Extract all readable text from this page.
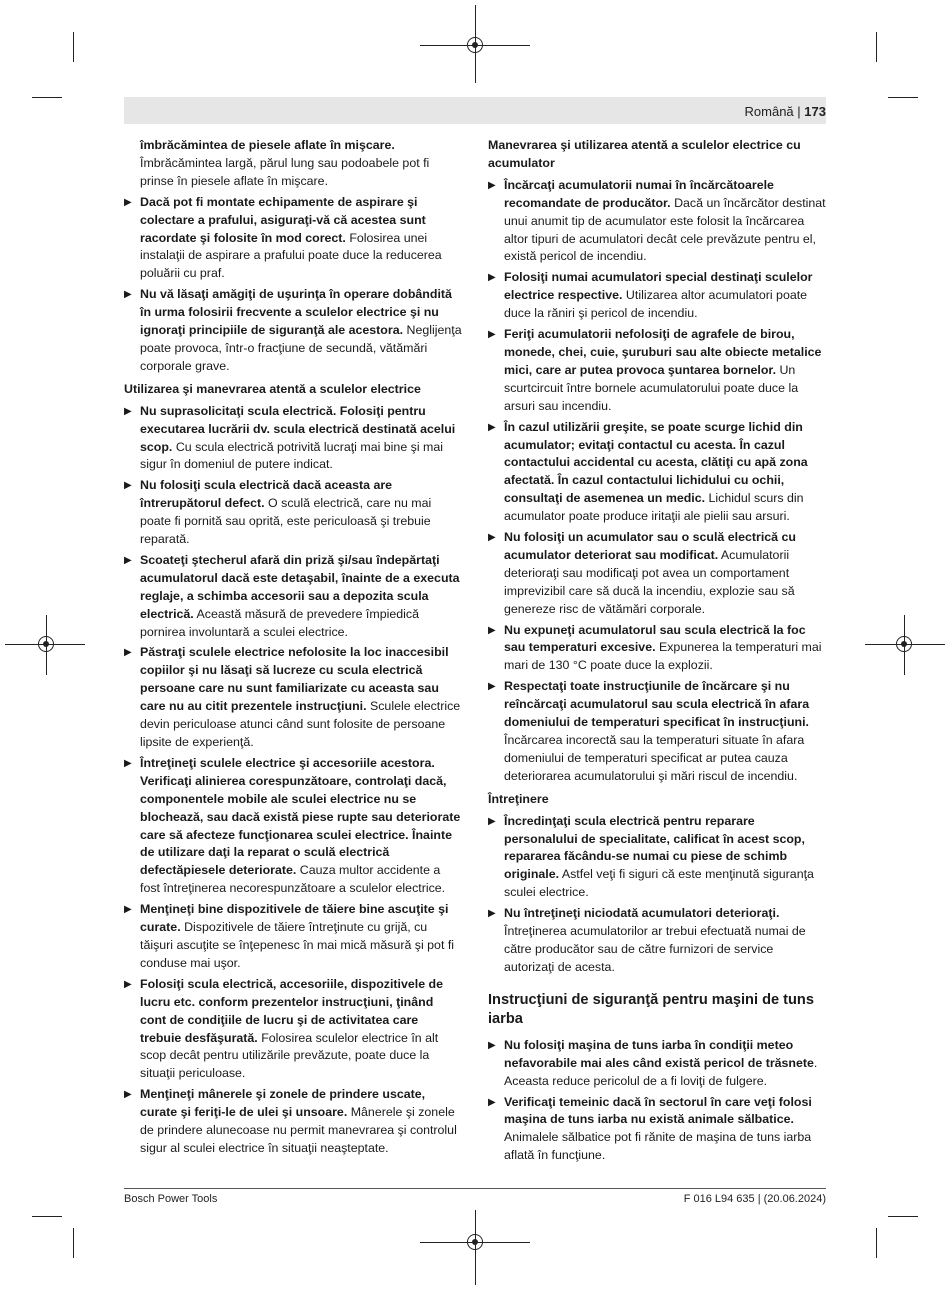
Română | 173

îmbrăcămintea de piesele aflate în mişcare. Îmbrăcămintea largă, părul lung sau podoabele pot fi prinse în piesele aflate în mişcare.

▶ Dacă pot fi montate echipamente de aspirare şi colectare a prafului, asiguraţi-vă că acestea sunt racordate şi folosite în mod corect. Folosirea unei instalaţii de aspirare a prafului poate duce la reducerea poluării cu praf.

▶ Nu vă lăsaţi amăgiţi de uşurinţa în operare dobândită în urma folosirii frecvente a sculelor electrice şi nu ignoraţi principiile de siguranţă ale acestora. Neglijenţa poate provoca, într-o fracţiune de secundă, vătămări corporale grave.

Utilizarea şi manevrarea atentă a sculelor electrice

▶ Nu suprasolicitaţi scula electrică. Folosiţi pentru executarea lucrării dv. scula electrică destinată acelui scop. Cu scula electrică potrivită lucraţi mai bine şi mai sigur în domeniul de putere indicat.

▶ Nu folosiţi scula electrică dacă aceasta are întrerupătorul defect. O sculă electrică, care nu mai poate fi pornită sau oprită, este periculoasă şi trebuie reparată.

▶ Scoateţi ştecherul afară din priză şi/sau îndepărtaţi acumulatorul dacă este detaşabil, înainte de a executa reglaje, a schimba accesorii sau a depozita scula electrică. Această măsură de prevedere împiedică pornirea involuntară a sculei electrice.

▶ Păstraţi sculele electrice nefolosite la loc inaccesibil copiilor şi nu lăsaţi să lucreze cu scula electrică persoane care nu sunt familiarizate cu aceasta sau care nu au citit prezentele instrucţiuni. Sculele electrice devin periculoase atunci când sunt folosite de persoane lipsite de experienţă.

▶ Întreţineţi sculele electrice şi accesoriile acestora. Verificaţi alinierea corespunzătoare, controlaţi dacă, componentele mobile ale sculei electrice nu se blochează, sau dacă există piese rupte sau deteriorate care să afecteze funcţionarea sculei electrice. Înainte de utilizare daţi la reparat o sculă electrică defectăpiesele deteriorate. Cauza multor accidente a fost întreţinerea necorespunzătoare a sculelor electrice.

▶ Menţineţi bine dispozitivele de tăiere bine ascuţite şi curate. Dispozitivele de tăiere întreţinute cu grijă, cu tăişuri ascuţite se înţepenesc în mai mică măsură şi pot fi conduse mai uşor.

▶ Folosiţi scula electrică, accesoriile, dispozitivele de lucru etc. conform prezentelor instrucţiuni, ţinând cont de condiţiile de lucru şi de activitatea care trebuie desfăşurată. Folosirea sculelor electrice în alt scop decât pentru utilizările prevăzute, poate duce la situaţii periculoase.

▶ Menţineţi mânerele şi zonele de prindere uscate, curate şi feriţi-le de ulei şi unsoare. Mânerele şi zonele de prindere alunecoase nu permit manevrarea şi controlul sigur al sculei electrice în situaţii neaşteptate.

Manevrarea şi utilizarea atentă a sculelor electrice cu acumulator

▶ Încărcaţi acumulatorii numai în încărcătoarele recomandate de producător. Dacă un încărcător destinat unui anumit tip de acumulator este folosit la încărcarea altor tipuri de acumulatori decât cele prevăzute pentru el, există pericol de incendiu.

▶ Folosiţi numai acumulatori special destinaţi sculelor electrice respective. Utilizarea altor acumulatori poate duce la răniri şi pericol de incendiu.

▶ Feriţi acumulatorii nefolosiţi de agrafele de birou, monede, chei, cuie, şuruburi sau alte obiecte metalice mici, care ar putea provoca şuntarea bornelor. Un scurtcircuit între bornele acumulatorului poate duce la arsuri sau incendiu.

▶ În cazul utilizării greşite, se poate scurge lichid din acumulator; evitaţi contactul cu acesta. În cazul contactului accidental cu acesta, clătiţi cu apă zona afectată. În cazul contactului lichidului cu ochii, consultaţi de asemenea un medic. Lichidul scurs din acumulator poate produce iritaţii ale pielii sau arsuri.

▶ Nu folosiţi un acumulator sau o sculă electrică cu acumulator deteriorat sau modificat. Acumulatorii deterioraţi sau modificaţi pot avea un comportament imprevizibil care să ducă la incendiu, explozie sau să genereze risc de vătămări corporale.

▶ Nu expuneţi acumulatorul sau scula electrică la foc sau temperaturi excesive. Expunerea la temperaturi mai mari de 130 °C poate duce la explozii.

▶ Respectaţi toate instrucţiunile de încărcare şi nu reîncărcaţi acumulatorul sau scula electrică în afara domeniului de temperaturi specificat în instrucţiuni. Încărcarea incorectă sau la temperaturi situate în afara domeniului de temperaturi specificat ar putea cauza deteriorarea acumulatorului şi mări riscul de incendiu.

Întreţinere

▶ Încredinţaţi scula electrică pentru reparare personalului de specialitate, calificat în acest scop, repararea făcându-se numai cu piese de schimb originale. Astfel veţi fi siguri că este menţinută siguranţa sculei electrice.

▶ Nu întreţineţi niciodată acumulatori deterioraţi. Întreţinerea acumulatorilor ar trebui efectuată numai de către producător sau de către furnizori de service autorizaţi de acesta.

Instrucţiuni de siguranţă pentru maşini de tuns iarba

▶ Nu folosiţi maşina de tuns iarba în condiţii meteo nefavorabile mai ales când există pericol de trăsnete. Aceasta reduce pericolul de a fi loviţi de fulgere.

▶ Verificaţi temeinic dacă în sectorul în care veţi folosi maşina de tuns iarba nu există animale sălbatice. Animalele sălbatice pot fi rănite de maşina de tuns iarba aflată în funcţiune.

Bosch Power Tools	F 016 L94 635 | (20.06.2024)
